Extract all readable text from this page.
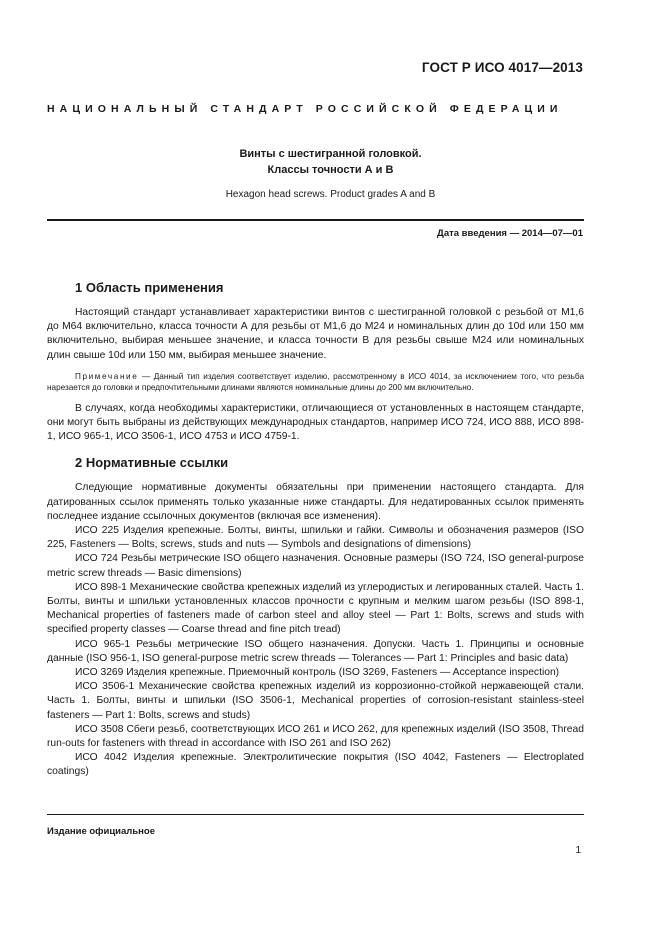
ГОСТ Р ИСО 4017—2013
НАЦИОНАЛЬНЫЙ СТАНДАРТ РОССИЙСКОЙ ФЕДЕРАЦИИ
Винты с шестигранной головкой.
Классы точности А и В
Hexagon head screws. Product grades A and B
Дата введения — 2014—07—01
1 Область применения

Настоящий стандарт устанавливает характеристики винтов с шестигранной головкой с резьбой от М1,6 до М64 включительно, класса точности А для резьбы от М1,6 до М24 и номинальных длин до 10d или 150 мм включительно, выбирая меньшее значение, и класса точности В для резьбы свыше М24 или номинальных длин свыше 10d или 150 мм, выбирая меньшее значение.

Примечание — Данный тип изделия соответствует изделию, рассмотренному в ИСО 4014, за исключением того, что резьба нарезается до головки и предпочтительными длинами являются номинальные длины до 200 мм включительно.

В случаях, когда необходимы характеристики, отличающиеся от установленных в настоящем стандарте, они могут быть выбраны из действующих международных стандартов, например ИСО 724, ИСО 888, ИСО 898-1, ИСО 965-1, ИСО 3506-1, ИСО 4753 и ИСО 4759-1.

2 Нормативные ссылки

Следующие нормативные документы обязательны при применении настоящего стандарта. Для датированных ссылок применять только указанные ниже стандарты. Для недатированных ссылок применять последнее издание ссылочных документов (включая все изменения).

ИСО 225 Изделия крепежные. Болты, винты, шпильки и гайки. Символы и обозначения размеров (ISO 225, Fasteners — Bolts, screws, studs and nuts — Symbols and designations of dimensions)

ИСО 724 Резьбы метрические ISO общего назначения. Основные размеры (ISO 724, ISO general-purpose metric screw threads — Basic dimensions)

ИСО 898-1 Механические свойства крепежных изделий из углеродистых и легированных сталей. Часть 1. Болты, винты и шпильки установленных классов прочности с крупным и мелким шагом резьбы (ISO 898-1, Mechanical properties of fasteners made of carbon steel and alloy steel — Part 1: Bolts, screws and studs with specified property classes — Coarse thread and fine pitch tread)

ИСО 965-1 Резьбы метрические ISO общего назначения. Допуски. Часть 1. Принципы и основные данные (ISO 956-1, ISO general-purpose metric screw threads — Tolerances — Part 1: Principles and basic data)

ИСО 3269 Изделия крепежные. Приемочный контроль (ISO 3269, Fasteners — Acceptance inspection)

ИСО 3506-1 Механические свойства крепежных изделий из коррозионно-стойкой нержавеющей стали. Часть 1. Болты, винты и шпильки (ISO 3506-1, Mechanical properties of corrosion-resistant stainless-steel fasteners — Part 1: Bolts, screws and studs)

ИСО 3508 Сбеги резьб, соответствующих ИСО 261 и ИСО 262, для крепежных изделий (ISO 3508, Thread run-outs for fasteners with thread in accordance with ISO 261 and ISO 262)

ИСО 4042 Изделия крепежные. Электролитические покрытия (ISO 4042, Fasteners — Electroplated coatings)

Издание официальное
1
